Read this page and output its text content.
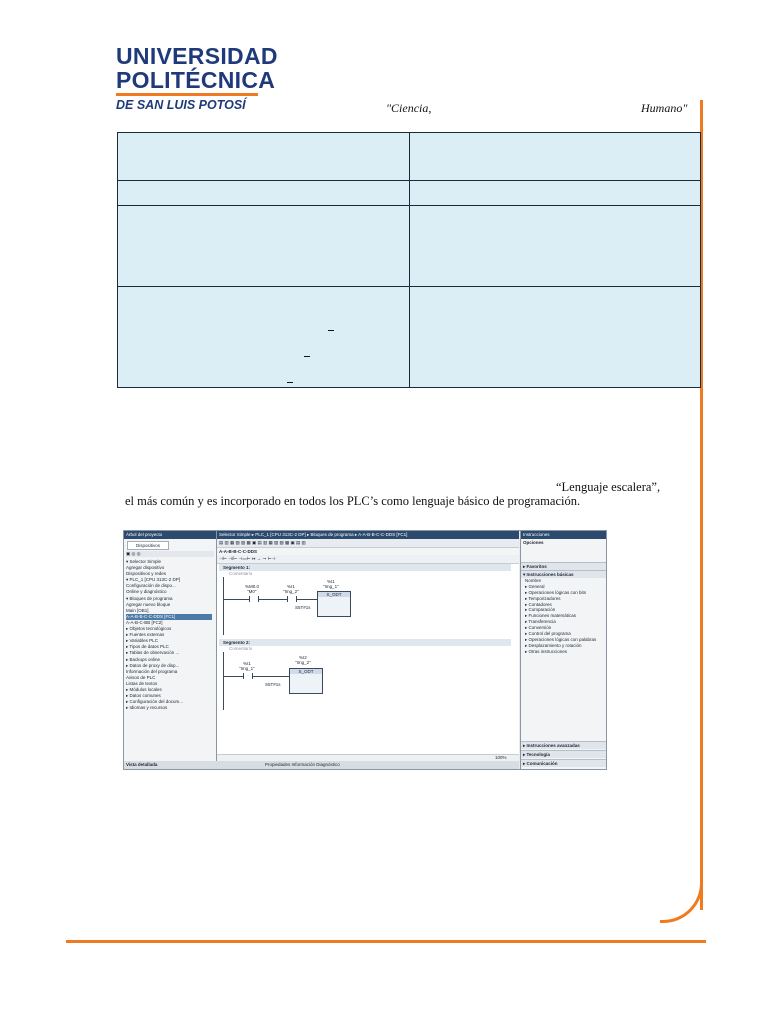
UNIVERSIDAD
POLITÉCNICA
DE SAN LUIS POTOSÍ	"Ciencia,	Humano"

“Lenguaje escalera”,
el más común y es incorporado en todos los PLC’s como lenguaje básico de programación.
Árbol del proyecto
Dispositivos
▣ ◎ ◎
▾ Selector Simple
Agregar dispositivo
Dispositivos y redes
▾ PLC_1 [CPU 313C-2 DP]
Configuración de dispo...
Online y diagnóstico
▾ Bloques de programa
Agregar nuevo bloque
Main [OB1]
A-A-B-B-C-C-DDS [FC1]
A-A-B-C-BB [FC2]
▸ Objetos tecnológicos
▸ Fuentes externas
▸ Variables PLC
▸ Tipos de datos PLC
▸ Tablas de observación ...
▸ Backups online
▸ Datos de proxy de disp...
Información del programa
Avisos de PLC
Listas de textos
▸ Módulos locales
▸ Datos comunes
▸ Configuración del docum...
▸ Idiomas y recursos
Vista detallada
Selector Simple ▸ PLC_1 [CPU 313C-2 DP] ▸ Bloques de programa ▸ A-A-B-B-C-C-DDS [FC1]
▤ ▥ ▦ ▧ ▨ ▩ ▣ ▤ ▥ ▦ ▧ ▨ ▩ ▣ ▤ ▥
A-A-B-B-C-C-DDS
⊣⊢ ⊣/⊢ ⊣▭⊢ ↦ → ⊸ ⊢⊣
Segmento 1:
Comentario
%M0.0
"M0"
%I1
"Img_2"
S_ODT
%I1
"Img_1"
S5T#1s
Segmento 2:
Comentario
%I1
"Img_1"
S_ODT
%I2
"Img_2"
S5T#1s
100%
Propiedades Información Diagnóstico
Instrucciones
Opciones
▸ Favoritos
▾ Instrucciones básicas
Nombre
▸ General
▸ Operaciones lógicas con bits
▸ Temporizadores
▸ Contadores
▸ Comparación
▸ Funciones matemáticas
▸ Transferencia
▸ Conversión
▸ Control del programa
▸ Operaciones lógicas con palabras
▸ Desplazamiento y rotación
▸ Otras instrucciones
▸ Instrucciones avanzadas
▸ Tecnología
▸ Comunicación
